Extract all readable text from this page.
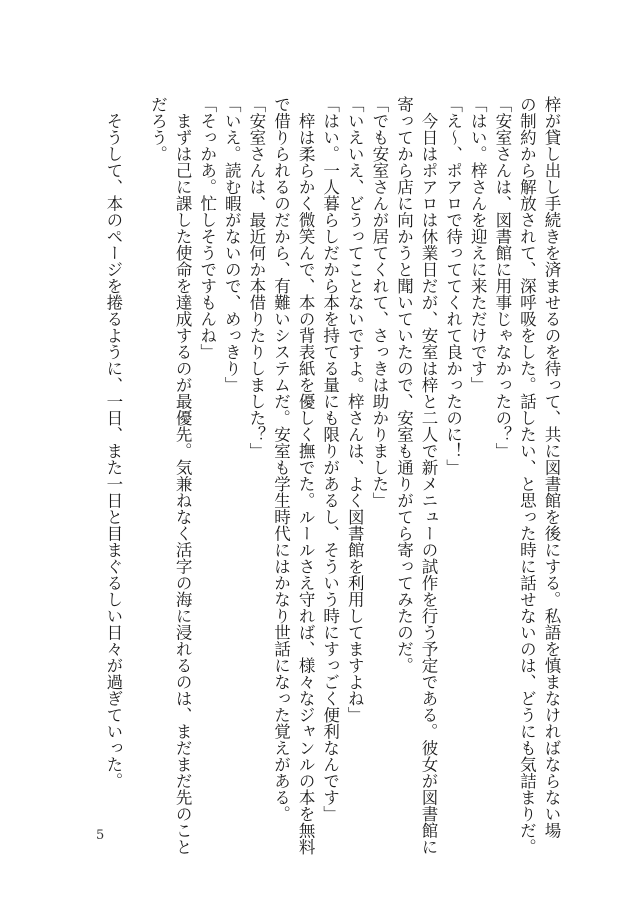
梓が貸し出し手続きを済ませるのを待って、共に図書館を後にする。私語を慎まなければならない場
の制約から解放されて、深呼吸をした。話したい、と思った時に話せないのは、どうにも気詰まりだ。
「安室さんは、図書館に用事じゃなかったの？」
「はい。梓さんを迎えに来ただけです」
「え〜、ポアロで待っててくれて良かったのに！」
　今日はポアロは休業日だが、安室は梓と二人で新メニューの試作を行う予定である。彼女が図書館に
寄ってから店に向かうと聞いていたので、安室も通りがてら寄ってみたのだ。
「でも安室さんが居てくれて、さっきは助かりました」
「いえいえ、どうってことないですよ。梓さんは、よく図書館を利用してますよね」
「はい。一人暮らしだから本を持てる量にも限りがあるし、そういう時にすっごく便利なんです」
　梓は柔らかく微笑んで、本の背表紙を優しく撫でた。ルールさえ守れば、様々なジャンルの本を無料
で借りられるのだから、有難いシステムだ。安室も学生時代にはかなり世話になった覚えがある。
「安室さんは、最近何か本借りたりしました？」
「いえ。読む暇がないので、めっきり」
「そっかあ。忙しそうですもんね」
　まずは己に課した使命を達成するのが最優先。気兼ねなく活字の海に浸れるのは、まだまだ先のこと
だろう。
　そうして、本のページを捲るように、一日、また一日と目まぐるしい日々が過ぎていった。
5
